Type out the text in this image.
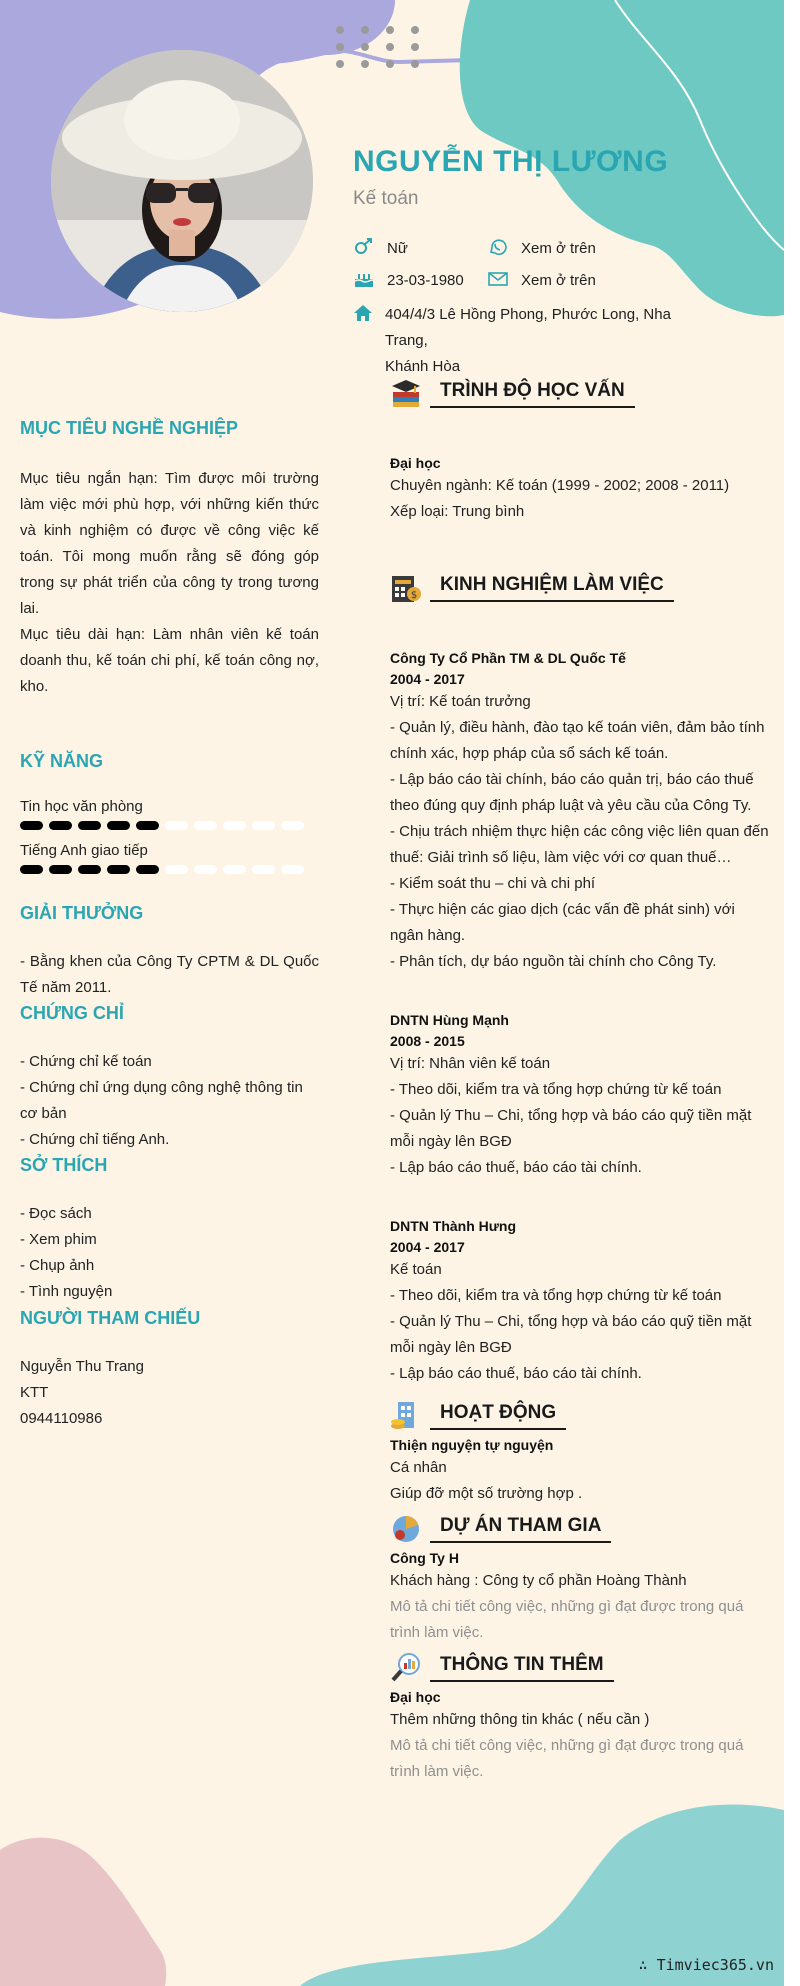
NGUYỄN THỊ LƯƠNG
Kế toán
Nữ	Xem ở trên
23-03-1980	Xem ở trên
404/4/3 Lê Hồng Phong, Phước Long, Nha Trang,
Khánh Hòa
MỤC TIÊU NGHỀ NGHIỆP
Mục tiêu ngắn hạn: Tìm được môi trường làm việc mới phù hợp, với những kiến thức và kinh nghiệm có được về công việc kế toán. Tôi mong muốn rằng sẽ đóng góp trong sự phát triển của công ty trong tương lai.
Mục tiêu dài hạn: Làm nhân viên kế toán doanh thu, kế toán chi phí, kế toán công nợ, kho.
KỸ NĂNG
Tin học văn phòng
Tiếng Anh giao tiếp
GIẢI THƯỞNG
- Bằng khen của Công Ty CPTM & DL Quốc Tế năm 2011.
CHỨNG CHỈ
- Chứng chỉ kế toán
- Chứng chỉ ứng dụng công nghệ thông tin cơ bản
- Chứng chỉ tiếng Anh.
SỞ THÍCH
- Đọc sách
- Xem phim
- Chụp ảnh
- Tình nguyện
NGƯỜI THAM CHIẾU
Nguyễn Thu Trang
KTT
0944110986
TRÌNH ĐỘ HỌC VẤN
Đại học
Chuyên ngành: Kế toán (1999 - 2002; 2008 - 2011)
Xếp loại: Trung bình
$
KINH NGHIỆM LÀM VIỆC
Công Ty Cổ Phần TM & DL Quốc Tế
2004 - 2017
Vị trí: Kế toán trưởng
- Quản lý, điều hành, đào tạo kế toán viên, đảm bảo tính chính xác, hợp pháp của sổ sách kế toán.
- Lập báo cáo tài chính, báo cáo quản trị, báo cáo thuế theo đúng quy định pháp luật và yêu cầu của Công Ty.
- Chịu trách nhiệm thực hiện các công việc liên quan đến thuế: Giải trình số liệu, làm việc với cơ quan thuế…
- Kiểm soát thu – chi và chi phí
- Thực hiện các giao dịch (các vấn đề phát sinh) với ngân hàng.
- Phân tích, dự báo nguồn tài chính cho Công Ty.
DNTN Hùng Mạnh
2008 - 2015
Vị trí: Nhân viên kế toán
- Theo dõi, kiểm tra và tổng hợp chứng từ kế toán
- Quản lý Thu – Chi, tổng hợp và báo cáo quỹ tiền mặt mỗi ngày lên BGĐ
- Lập báo cáo thuế, báo cáo tài chính.
DNTN Thành Hưng
2004 - 2017
Kế toán
- Theo dõi, kiểm tra và tổng hợp chứng từ kế toán
- Quản lý Thu – Chi, tổng hợp và báo cáo quỹ tiền mặt mỗi ngày lên BGĐ
- Lập báo cáo thuế, báo cáo tài chính.
HOẠT ĐỘNG
Thiện nguyện tự nguyện
Cá nhân
Giúp đỡ một số trường hợp .
DỰ ÁN THAM GIA
Công Ty H
Khách hàng : Công ty cổ phần Hoàng Thành
Mô tả chi tiết công việc, những gì đạt được trong quá trình làm việc.
THÔNG TIN THÊM
Đại học
Thêm những thông tin khác ( nếu cần )
Mô tả chi tiết công việc, những gì đạt được trong quá trình làm việc.
∴ Timviec365.vn
